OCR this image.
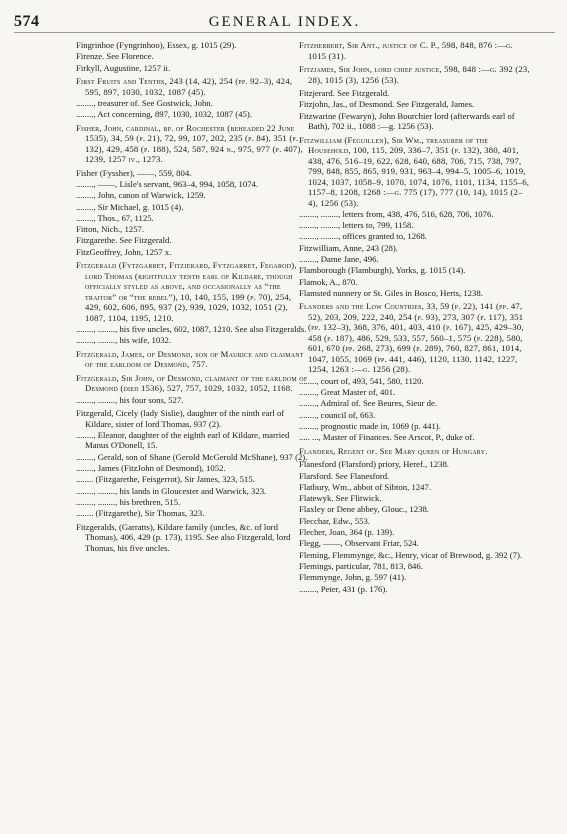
574	GENERAL INDEX.
Fingrinhoe (Fyngrinhoo), Essex, g. 1015 (29).
Firenze. See Florence.
Firkyll, Augustine, 1257 ii.
First Fruits and Tenths, 243 (14, 42), 254 (pp. 92–3), 424, 595, 897, 1030, 1032, 1087 (45).
........, treasurer of. See Gostwick, John.
........, Act concerning, 897, 1030, 1032, 1087 (45).
Fisher, John, cardinal, bp. of Rochester (beheaded 22 June 1535), 34, 59 (p. 21), 72, 99, 107, 202, 235 (p. 84), 351 (p. 132), 429, 458 (p. 188), 524, 587, 924 n., 975, 977 (p. 407), 1239, 1257 iv., 1273.
Fisher (Fyssher), ——, 559, 804.
........, ——, Lisle's servant, 963–4, 994, 1058, 1074.
........, John, canon of Warwick, 1259.
........, Sir Michael, g. 1015 (4).
........, Thos., 67, 1125.
Fitton, Nich., 1257.
Fitzgarethe. See Fitzgerald.
FitzGeoffrey, John, 1257 x.
Fitzgerald (Fytzgarret, Fitzjerard, Fytzgarret, Fegarod), lord Thomas (rightfully tenth earl of Kildare, though officially styled as above, and occasionally as “the traitor” or “the rebel”), 10, 140, 155, 199 (p. 70), 254, 429, 602, 606, 895, 937 (2), 939, 1029, 1032, 1051 (2), 1087, 1104, 1195, 1210.
........, ........, his five uncles, 602, 1087, 1210. See also Fitzgeralds.
........, ........, his wife, 1032.
Fitzgerald, James, of Desmond, son of Maurice and claimant of the earldom of Desmond, 757.
Fitzgerald, Sir John, of Desmond, claimant of the earldom of Desmond (died 1536), 527, 757, 1029, 1032, 1052, 1168.
........, ........, his four sons, 527.
Fitzgerald, Cicely (lady Sislie), daughter of the ninth earl of Kildare, sister of lord Thomas, 937 (2).
........, Eleanor, daughter of the eighth earl of Kildare, married Manus O'Donell, 15.
........, Gerald, son of Shane (Gerold McGerold McShane), 937 (2).
........, James (FitzJohn of Desmond), 1052.
........ (Fitzgarethe, Feisgerrot), Sir James, 323, 515.
........, ........, his lands in Gloucester and Warwick, 323.
........, ........, his brethren, 515.
........ (Fitzgarethe), Sir Thomas, 323.
Fitzgeralds, (Garratts), Kildare family (uncles, &c. of lord Thomas), 406, 429 (p. 173), 1195. See also Fitzgerald, lord Thomas, his five uncles.
Fitzherbert, Sir Ant., justice of C. P., 598, 848, 876 :—g. 1015 (31).
Fitzjames, Sir John, lord chief justice, 598, 848 :—g. 392 (23, 28), 1015 (3), 1256 (53).
Fitzjerard. See Fitzgerald.
Fitzjohn, Jas., of Desmond. See Fitzgerald, James.
Fitzwarine (Fewaryn), John Bourchier lord (afterwards earl of Bath), 702 ii., 1088 :—g. 1256 (53).
Fitzwilliam (Feguillen), Sir Wm., treasurer of the Household, 100, 115, 209, 336–7, 351 (p. 132), 380, 401, 438, 476, 516–19, 622, 628, 640, 688, 706, 715, 738, 797, 799, 848, 855, 865, 919, 931, 963–4, 994–5, 1005–6, 1019, 1024, 1037, 1058–9, 1070, 1074, 1076, 1101, 1134, 1155–6, 1157–8, 1208, 1268 :—g. 775 (17), 777 (10, 14), 1015 (2–4), 1256 (53).
........, ........, letters from, 438, 476, 516, 628, 706, 1076.
........, ........, letters to, 799, 1158.
........, ........, offices granted to, 1268.
Fitzwilliam, Anne, 243 (28).
........, Dame Jane, 496.
Flamborough (Flamburgh), Yorks, g. 1015 (14).
Flamok, A., 870.
Flamsted nunnery or St. Giles in Bosco, Herts, 1238.
Flanders and the Low Countries, 33, 59 (p. 22), 141 (pp. 47, 52), 203, 209, 222, 240, 254 (p. 93), 273, 307 (p. 117), 351 (pp. 132–3), 368, 376, 401, 403, 410 (p. 167), 425, 429–30, 458 (p. 187), 486, 529, 533, 557, 560–1, 575 (p. 228), 580, 601, 670 (pp. 268, 273), 699 (p. 289), 760, 827, 861, 1014, 1047, 1055, 1069 (pp. 441, 446), 1120, 1130, 1142, 1227, 1254, 1263 :—g. 1256 (28).
........, court of, 493, 541, 580, 1120.
........, Great Master of, 401.
........, Admiral of. See Beures, Sieur de.
........, council of, 663.
........, prognostic made in, 1069 (p. 441).
..... ..., Master of Finances. See Arscot, P., duke of.
Flanders, Regent of. See Mary queen of Hungary.
Flanesford (Flarsford) priory, Heref., 1238.
Flarsford. See Flanesford.
Flatbury, Wm., abbot of Sibton, 1247.
Flatewyk. See Flitwick.
Flaxley or Dene abbey, Glouc., 1238.
Flecchar, Edw., 553.
Flecher, Joan, 364 (p. 139).
Flegg, ——, Observant Friar, 524.
Fleming, Flemmynge, &c., Henry, vicar of Brewood, g. 392 (7).
Flemings, particular, 781, 813, 846.
Flemmynge, John, g. 597 (41).
........, Peter, 431 (p. 176).
